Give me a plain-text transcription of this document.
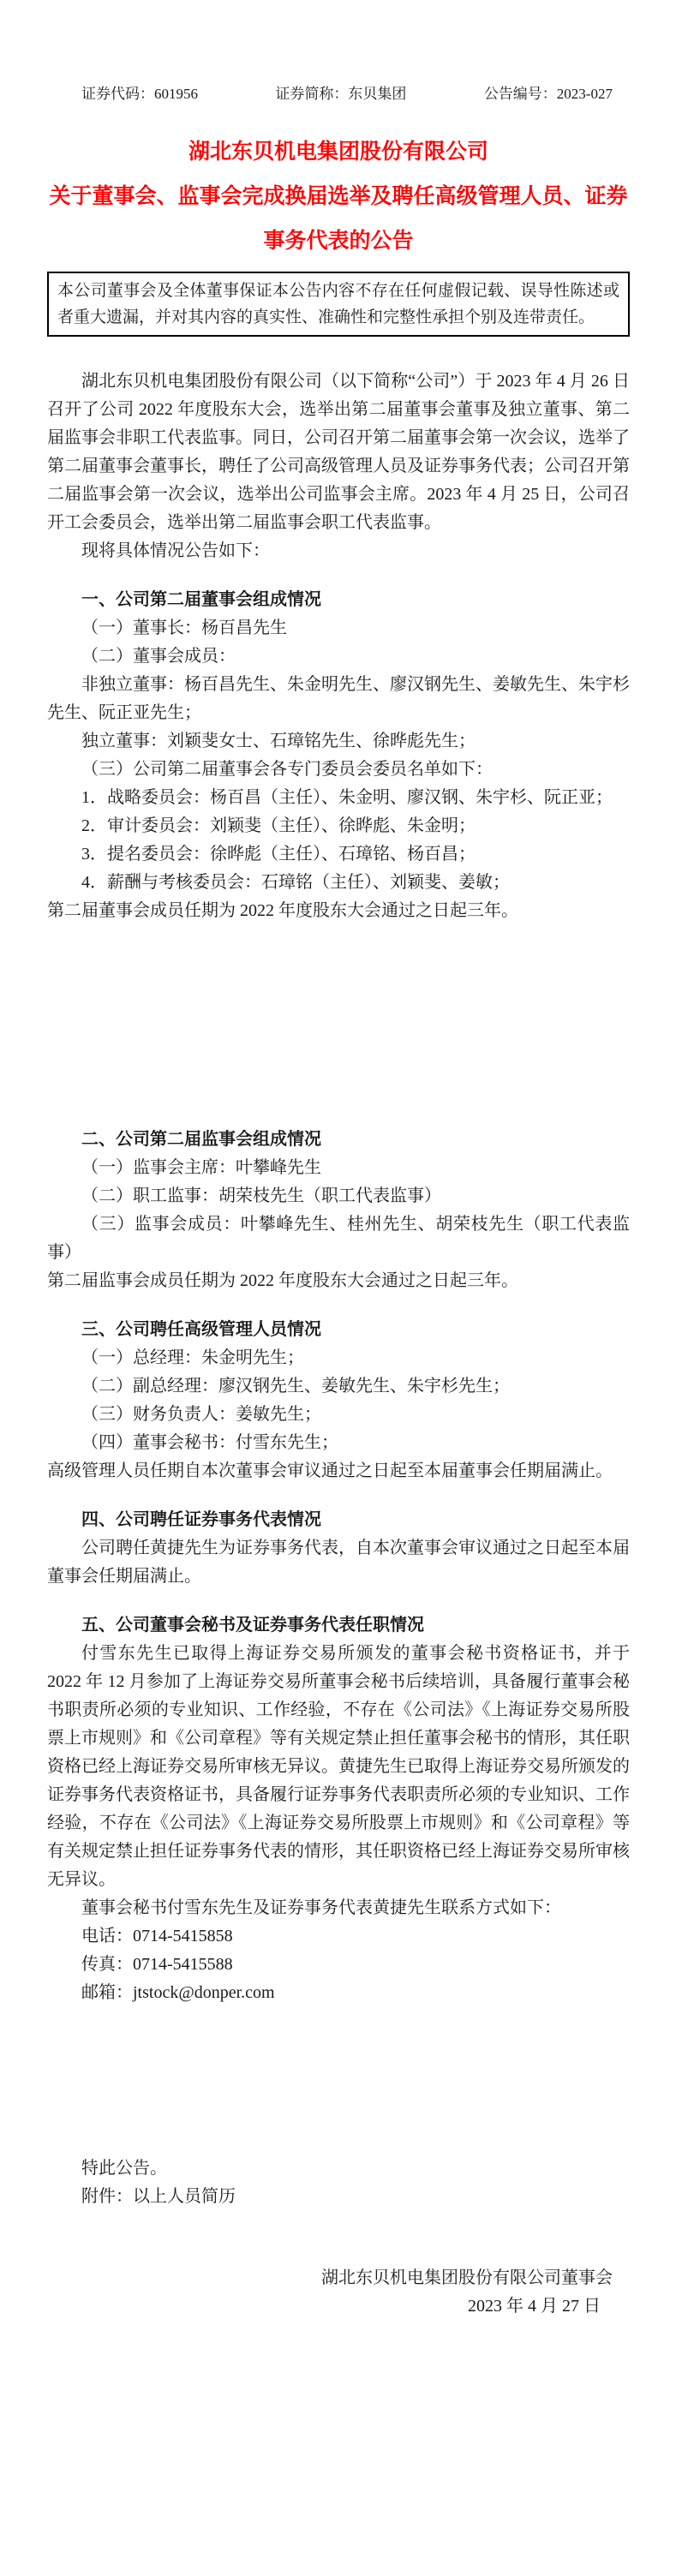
证券代码：601956	证券简称：东贝集团	公告编号：2023-027
湖北东贝机电集团股份有限公司
关于董事会、监事会完成换届选举及聘任高级管理人员、证券事务代表的公告
本公司董事会及全体董事保证本公告内容不存在任何虚假记载、误导性陈述或者重大遗漏，并对其内容的真实性、准确性和完整性承担个别及连带责任。

湖北东贝机电集团股份有限公司（以下简称“公司”）于 2023 年 4 月 26 日召开了公司 2022 年度股东大会，选举出第二届董事会董事及独立董事、第二届监事会非职工代表监事。同日，公司召开第二届董事会第一次会议，选举了第二届董事会董事长，聘任了公司高级管理人员及证券事务代表；公司召开第二届监事会第一次会议，选举出公司监事会主席。2023 年 4 月 25 日，公司召开工会委员会，选举出第二届监事会职工代表监事。

现将具体情况公告如下：

一、公司第二届董事会组成情况

（一）董事长：杨百昌先生

（二）董事会成员：

非独立董事：杨百昌先生、朱金明先生、廖汉钢先生、姜敏先生、朱宇杉先生、阮正亚先生；

独立董事：刘颖斐女士、石璋铭先生、徐晔彪先生；

（三）公司第二届董事会各专门委员会委员名单如下：

1．战略委员会：杨百昌（主任）、朱金明、廖汉钢、朱宇杉、阮正亚；

2．审计委员会：刘颖斐（主任）、徐晔彪、朱金明；

3．提名委员会：徐晔彪（主任）、石璋铭、杨百昌；

4．薪酬与考核委员会：石璋铭（主任）、刘颖斐、姜敏；

第二届董事会成员任期为 2022 年度股东大会通过之日起三年。

二、公司第二届监事会组成情况

（一）监事会主席：叶攀峰先生

（二）职工监事：胡荣枝先生（职工代表监事）

（三）监事会成员：叶攀峰先生、桂州先生、胡荣枝先生（职工代表监事）

第二届监事会成员任期为 2022 年度股东大会通过之日起三年。

三、公司聘任高级管理人员情况

（一）总经理：朱金明先生；

（二）副总经理：廖汉钢先生、姜敏先生、朱宇杉先生；

（三）财务负责人：姜敏先生；

（四）董事会秘书：付雪东先生；

高级管理人员任期自本次董事会审议通过之日起至本届董事会任期届满止。

四、公司聘任证券事务代表情况

公司聘任黄捷先生为证券事务代表，自本次董事会审议通过之日起至本届董事会任期届满止。

五、公司董事会秘书及证券事务代表任职情况

付雪东先生已取得上海证券交易所颁发的董事会秘书资格证书，并于 2022 年 12 月参加了上海证券交易所董事会秘书后续培训，具备履行董事会秘书职责所必须的专业知识、工作经验，不存在《公司法》《上海证券交易所股票上市规则》和《公司章程》等有关规定禁止担任董事会秘书的情形，其任职资格已经上海证券交易所审核无异议。黄捷先生已取得上海证券交易所颁发的证券事务代表资格证书，具备履行证券事务代表职责所必须的专业知识、工作经验，不存在《公司法》《上海证券交易所股票上市规则》和《公司章程》等有关规定禁止担任证券事务代表的情形，其任职资格已经上海证券交易所审核无异议。

董事会秘书付雪东先生及证券事务代表黄捷先生联系方式如下：

电话：0714-5415858

传真：0714-5415588

邮箱：jtstock@donper.com

特此公告。

附件：以上人员简历

湖北东贝机电集团股份有限公司董事会
2023 年 4 月 27 日
